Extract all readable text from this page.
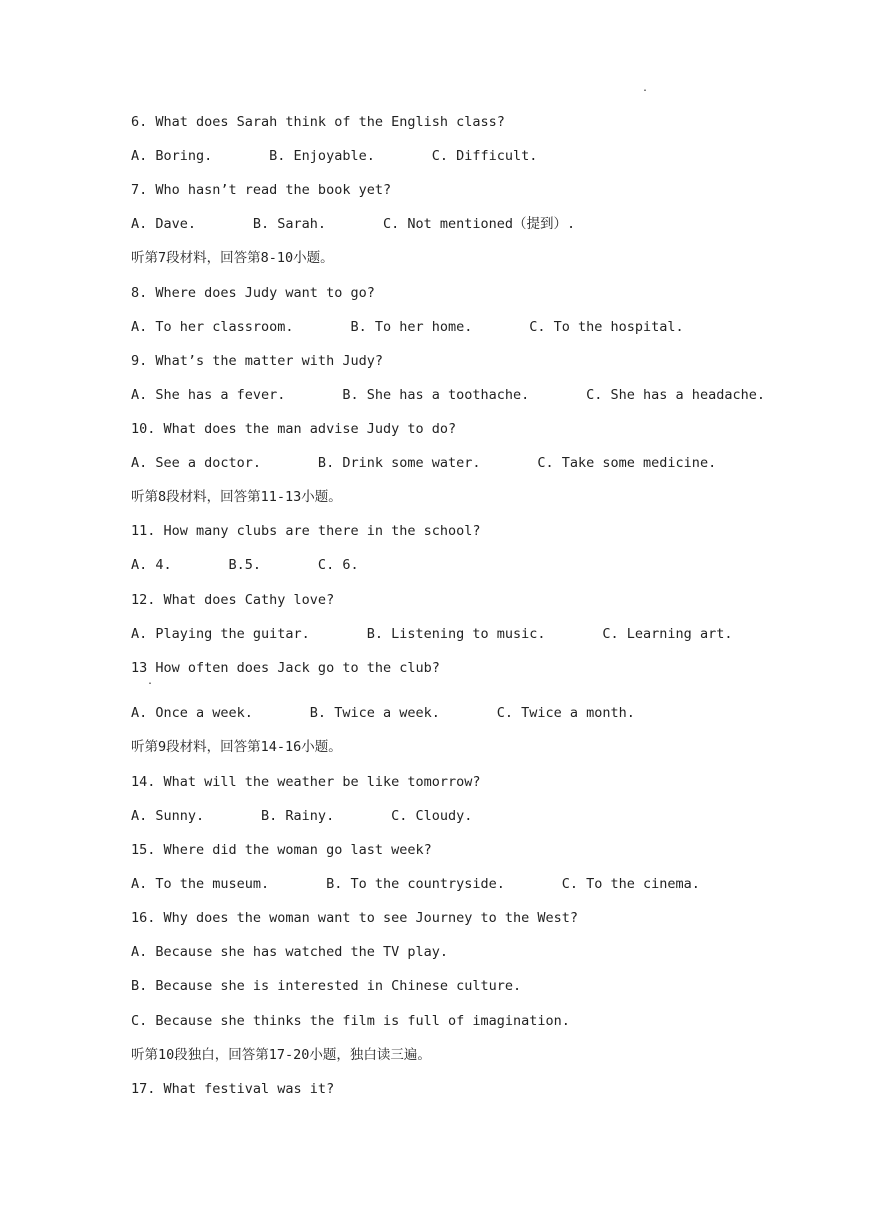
.
6. What does Sarah think of the English class?
A. Boring.       B. Enjoyable.       C. Difficult.
7. Who hasn’t read the book yet?
A. Dave.       B. Sarah.       C. Not mentioned（提到）.
听第7段材料，回答第8-10小题。
8. Where does Judy want to go?
A. To her classroom.       B. To her home.       C. To the hospital.
9. What’s the matter with Judy?
A. She has a fever.       B. She has a toothache.       C. She has a headache.
10. What does the man advise Judy to do?
A. See a doctor.       B. Drink some water.       C. Take some medicine.
听第8段材料，回答第11-13小题。
11. How many clubs are there in the school?
A. 4.       B.5.       C. 6.
12. What does Cathy love?
A. Playing the guitar.       B. Listening to music.       C. Learning art.
13 How often does Jack go to the club?
.
A. Once a week.       B. Twice a week.       C. Twice a month.
听第9段材料，回答第14-16小题。
14. What will the weather be like tomorrow?
A. Sunny.       B. Rainy.       C. Cloudy.
15. Where did the woman go last week?
A. To the museum.       B. To the countryside.       C. To the cinema.
16. Why does the woman want to see Journey to the West?
A. Because she has watched the TV play.
B. Because she is interested in Chinese culture.
C. Because she thinks the film is full of imagination.
听第10段独白，回答第17-20小题，独白读三遍。
17. What festival was it?
